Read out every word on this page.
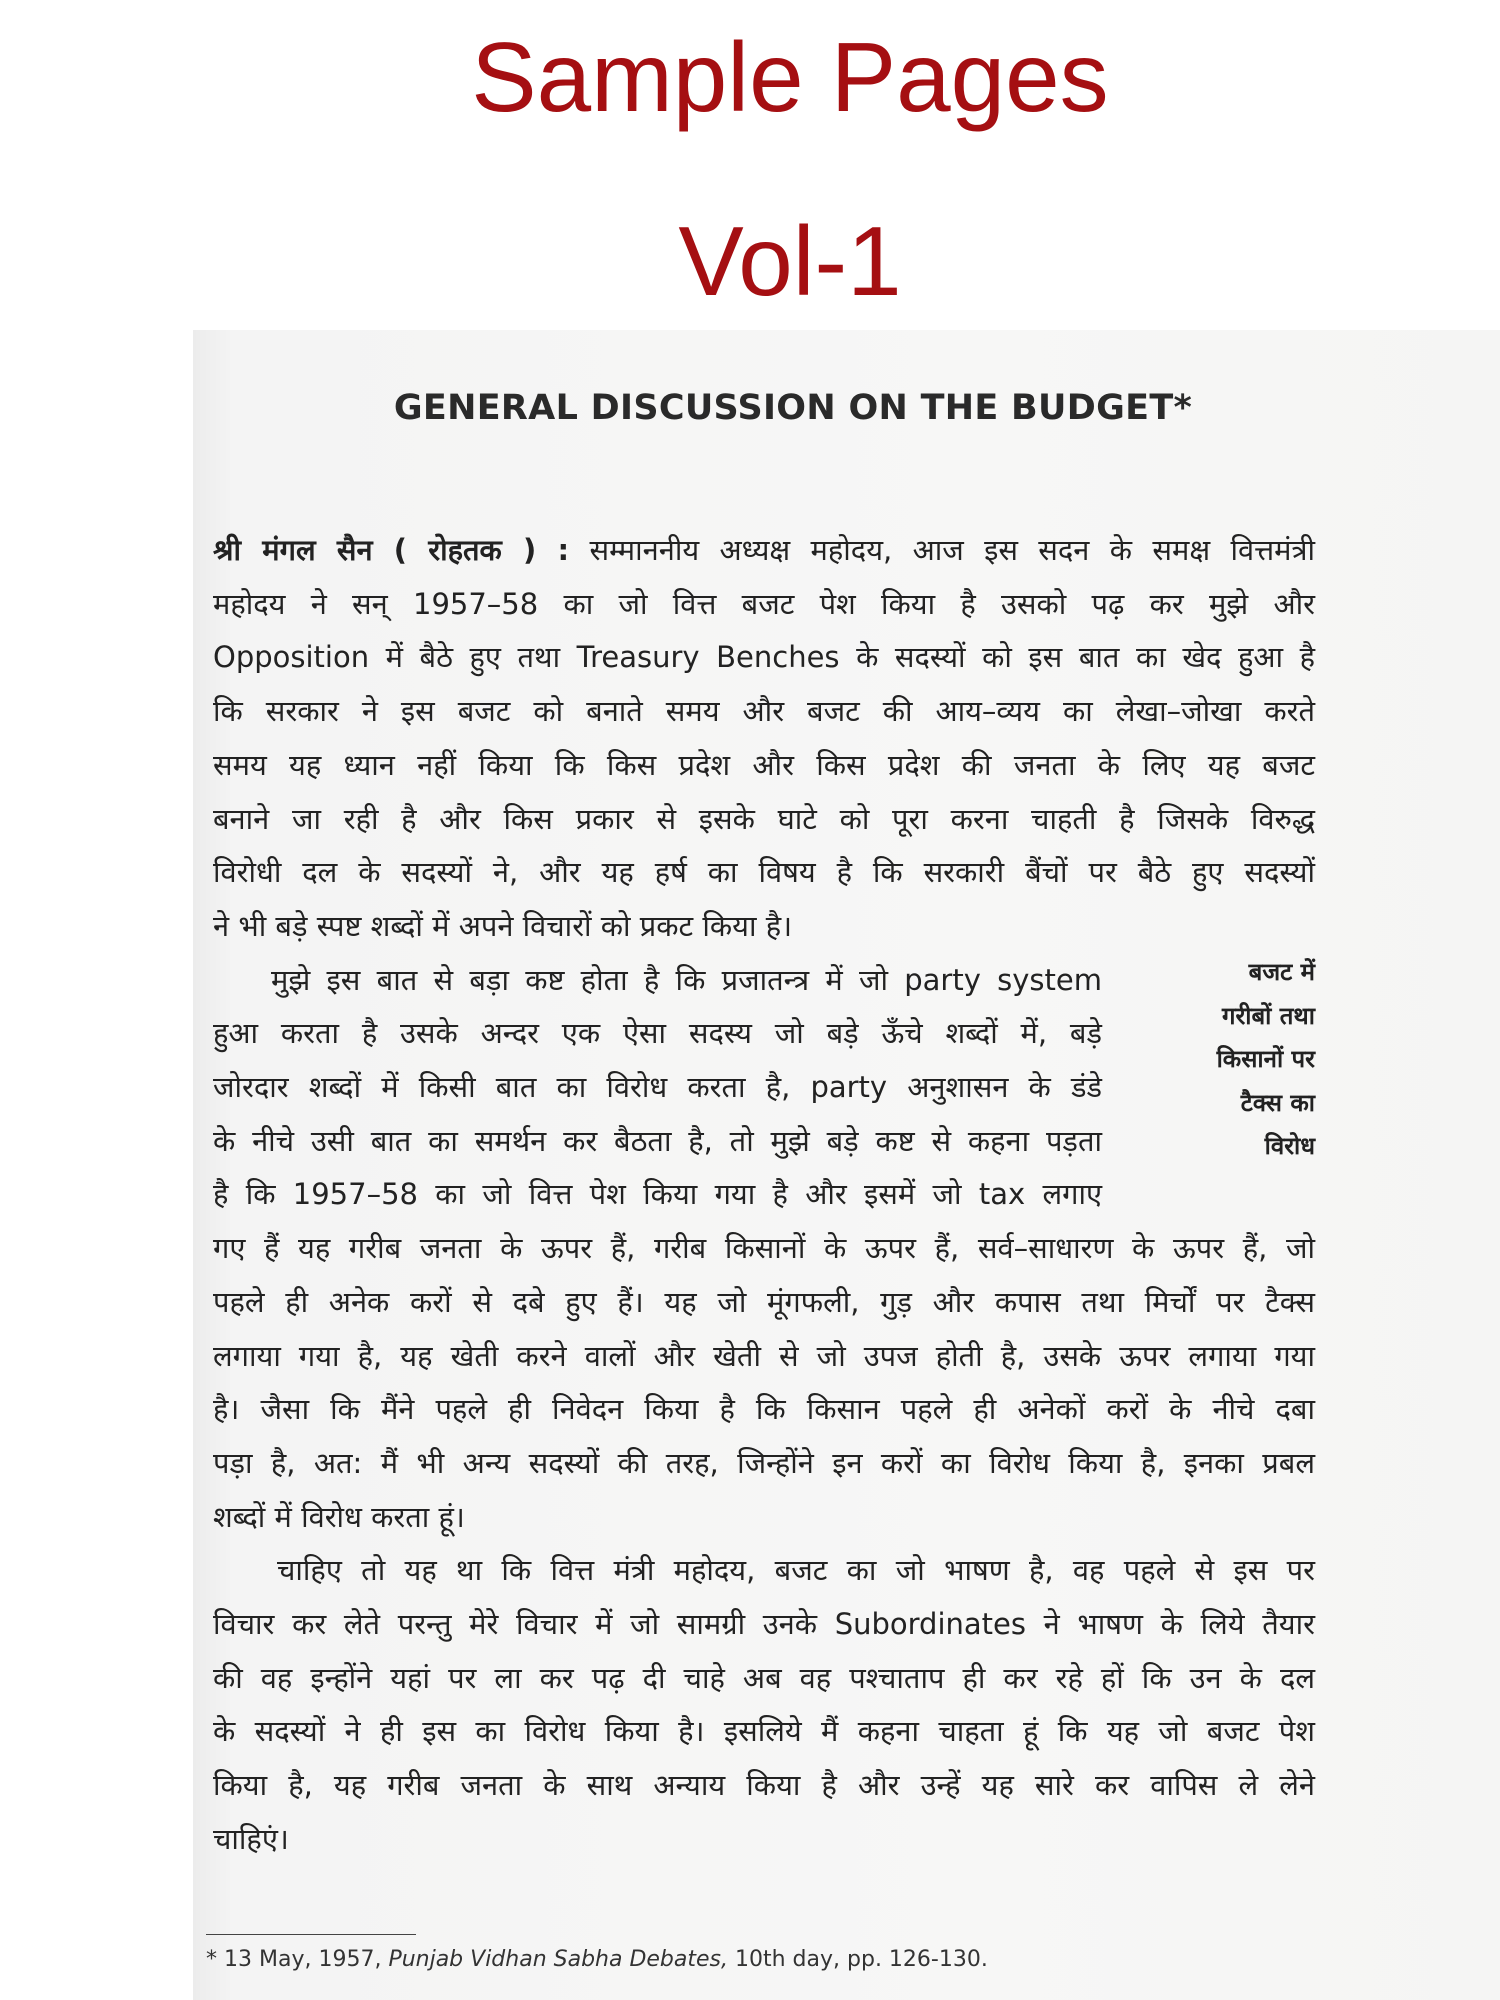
Sample Pages
Vol-1
GENERAL DISCUSSION ON THE BUDGET*
श्री मंगल सैन ( रोहतक ) : सम्माननीय अध्यक्ष महोदय, आज इस सदन के समक्ष वित्तमंत्री
महोदय ने सन् 1957–58 का जो वित्त बजट पेश किया है उसको पढ़ कर मुझे और
Opposition में बैठे हुए तथा Treasury Benches के सदस्यों को इस बात का खेद हुआ है
कि सरकार ने इस बजट को बनाते समय और बजट की आय–व्यय का लेखा–जोखा करते
समय यह ध्यान नहीं किया कि किस प्रदेश और किस प्रदेश की जनता के लिए यह बजट
बनाने जा रही है और किस प्रकार से इसके घाटे को पूरा करना चाहती है जिसके विरुद्ध
विरोधी दल के सदस्यों ने, और यह हर्ष का विषय है कि सरकारी बैंचों पर बैठे हुए सदस्यों
ने भी बड़े स्पष्ट शब्दों में अपने विचारों को प्रकट किया है।
मुझे इस बात से बड़ा कष्ट होता है कि प्रजातन्त्र में जो party system
हुआ करता है उसके अन्दर एक ऐसा सदस्य जो बड़े ऊँचे शब्दों में, बड़े
जोरदार शब्दों में किसी बात का विरोध करता है, party अनुशासन के डंडे
के नीचे उसी बात का समर्थन कर बैठता है, तो मुझे बड़े कष्ट से कहना पड़ता
है कि 1957–58 का जो वित्त पेश किया गया है और इसमें जो tax लगाए
गए हैं यह गरीब जनता के ऊपर हैं, गरीब किसानों के ऊपर हैं, सर्व–साधारण के ऊपर हैं, जो
पहले ही अनेक करों से दबे हुए हैं। यह जो मूंगफली, गुड़ और कपास तथा मिर्चों पर टैक्स
लगाया गया है, यह खेती करने वालों और खेती से जो उपज होती है, उसके ऊपर लगाया गया
है। जैसा कि मैंने पहले ही निवेदन किया है कि किसान पहले ही अनेकों करों के नीचे दबा
पड़ा है, अत: मैं भी अन्य सदस्यों की तरह, जिन्होंने इन करों का विरोध किया है, इनका प्रबल
शब्दों में विरोध करता हूं।
चाहिए तो यह था कि वित्त मंत्री महोदय, बजट का जो भाषण है, वह पहले से इस पर
विचार कर लेते परन्तु मेरे विचार में जो सामग्री उनके Subordinates ने भाषण के लिये तैयार
की वह इन्होंने यहां पर ला कर पढ़ दी चाहे अब वह पश्चाताप ही कर रहे हों कि उन के दल
के सदस्यों ने ही इस का विरोध किया है। इसलिये मैं कहना चाहता हूं कि यह जो बजट पेश
किया है, यह गरीब जनता के साथ अन्याय किया है और उन्हें यह सारे कर वापिस ले लेने
चाहिएं।
बजट में
गरीबों तथा
किसानों पर
टैक्स का
विरोध
* 13 May, 1957, Punjab Vidhan Sabha Debates, 10th day, pp. 126-130.
